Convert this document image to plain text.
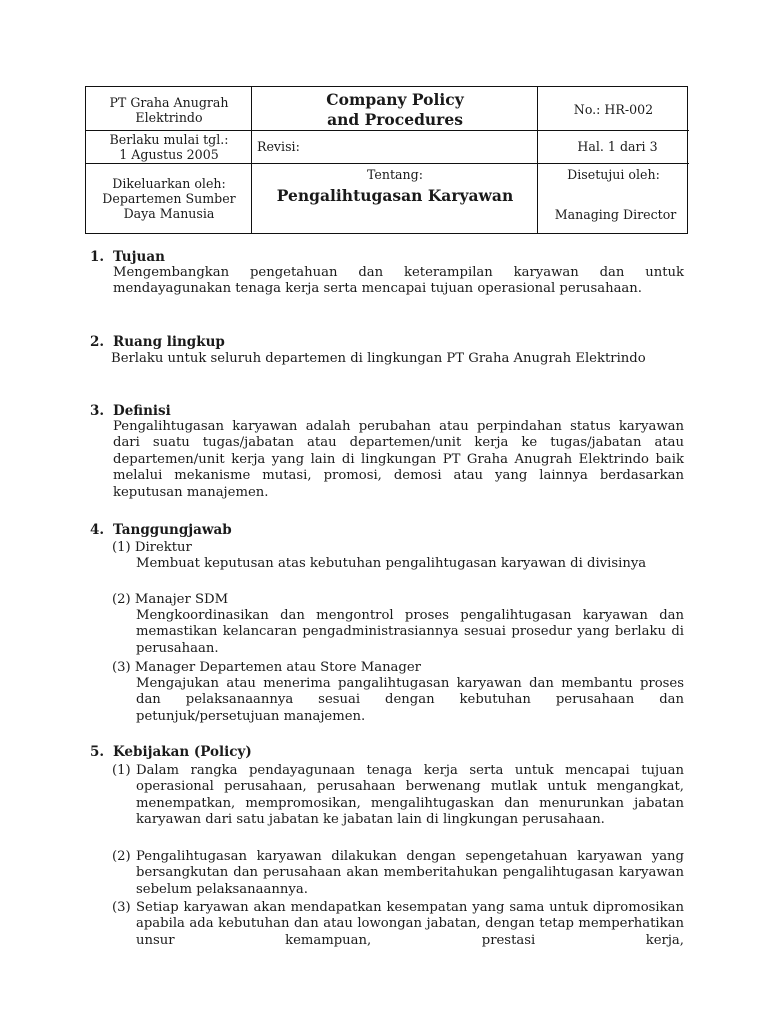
PT Graha Anugrah Elektrindo
Company Policy and Procedures
No.: HR-002
Berlaku mulai tgl.:
1 Agustus 2005
Revisi:	Hal. 1 dari 3
Dikeluarkan oleh:
Departemen Sumber Daya Manusia
Tentang:
Pengalihtugasan Karyawan
Disetujui oleh:
Managing Director
1. Tujuan

Mengembangkan pengetahuan dan keterampilan karyawan dan untuk mendayagunakan tenaga kerja serta mencapai tujuan operasional perusahaan.

2. Ruang lingkup

Berlaku untuk seluruh departemen di lingkungan PT Graha Anugrah Elektrindo

3. Definisi

Pengalihtugasan karyawan adalah perubahan atau perpindahan status karyawan dari suatu tugas/jabatan atau departemen/unit kerja ke tugas/jabatan atau departemen/unit kerja yang lain di lingkungan PT Graha Anugrah Elektrindo baik melalui mekanisme mutasi, promosi, demosi atau yang lainnya berdasarkan keputusan manajemen.

4. Tanggungjawab
(1) Direktur

Membuat keputusan atas kebutuhan pengalihtugasan karyawan di divisinya

(2) Manajer SDM

Mengkoordinasikan dan mengontrol proses pengalihtugasan karyawan dan memastikan kelancaran pengadministrasiannya sesuai prosedur yang berlaku di perusahaan.

(3) Manager Departemen atau Store Manager

Mengajukan atau menerima pangalihtugasan karyawan dan membantu proses dan pelaksanaannya sesuai dengan kebutuhan perusahaan dan petunjuk/persetujuan manajemen.

5. Kebijakan (Policy)
(1) Dalam rangka pendayagunaan tenaga kerja serta untuk mencapai tujuan operasional perusahaan, perusahaan berwenang mutlak untuk mengangkat, menempatkan, mempromosikan, mengalihtugaskan dan menurunkan jabatan karyawan dari satu jabatan ke jabatan lain di lingkungan perusahaan.

(2) Pengalihtugasan karyawan dilakukan dengan sepengetahuan karyawan yang bersangkutan dan perusahaan akan memberitahukan pengalihtugasan karyawan sebelum pelaksanaannya.

(3) Setiap karyawan akan mendapatkan kesempatan yang sama untuk dipromosikan apabila ada kebutuhan dan atau lowongan jabatan, dengan tetap memperhatikan unsur kemampuan, prestasi kerja,
